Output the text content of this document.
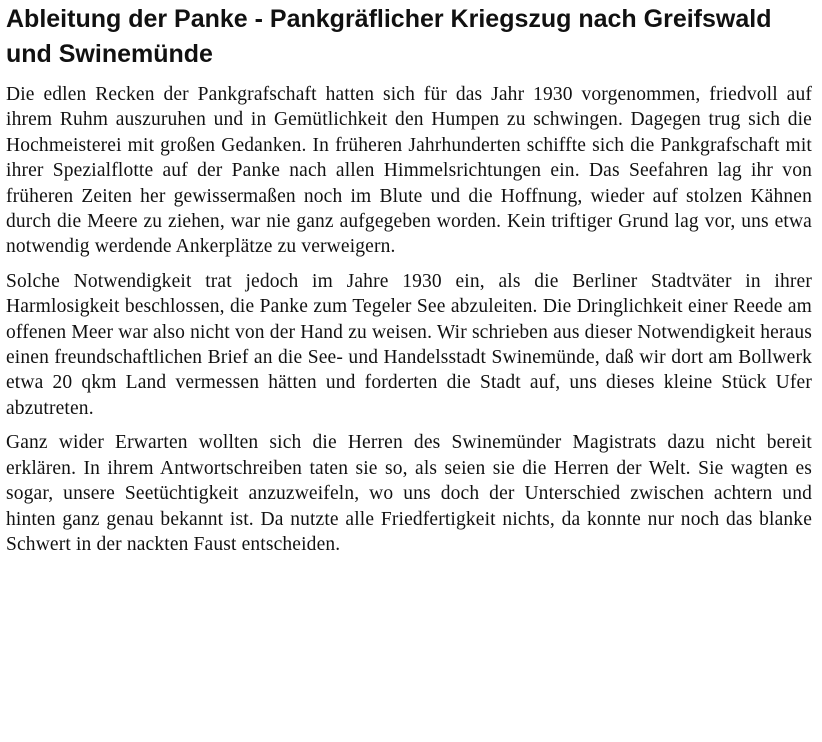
Ableitung der Panke - Pankgräflicher Kriegszug nach Greifswald und Swinemünde

Die edlen Recken der Pankgrafschaft hatten sich für das Jahr 1930 vorgenommen, friedvoll auf ihrem Ruhm auszuruhen und in Gemütlichkeit den Humpen zu schwingen. Dagegen trug sich die Hochmeisterei mit großen Gedanken. In früheren Jahrhunderten schiffte sich die Pankgrafschaft mit ihrer Spezialflotte auf der Panke nach allen Himmelsrichtungen ein. Das Seefahren lag ihr von früheren Zeiten her gewissermaßen noch im Blute und die Hoffnung, wieder auf stolzen Kähnen durch die Meere zu ziehen, war nie ganz aufgegeben worden. Kein triftiger Grund lag vor, uns etwa notwendig werdende Ankerplätze zu verweigern.

Solche Notwendigkeit trat jedoch im Jahre 1930 ein, als die Berliner Stadtväter in ihrer Harmlosigkeit beschlossen, die Panke zum Tegeler See abzuleiten. Die Dringlichkeit einer Reede am offenen Meer war also nicht von der Hand zu weisen. Wir schrieben aus dieser Notwendigkeit heraus einen freundschaftlichen Brief an die See- und Handelsstadt Swinemünde, daß wir dort am Bollwerk etwa 20 qkm Land vermessen hätten und forderten die Stadt auf, uns dieses kleine Stück Ufer abzutreten.

Ganz wider Erwarten wollten sich die Herren des Swinemünder Magistrats dazu nicht bereit erklären. In ihrem Antwortschreiben taten sie so, als seien sie die Herren der Welt. Sie wagten es sogar, unsere Seetüchtigkeit anzuzweifeln, wo uns doch der Unterschied zwischen achtern und hinten ganz genau bekannt ist. Da nutzte alle Friedfertigkeit nichts, da konnte nur noch das blanke Schwert in der nackten Faust entscheiden.
